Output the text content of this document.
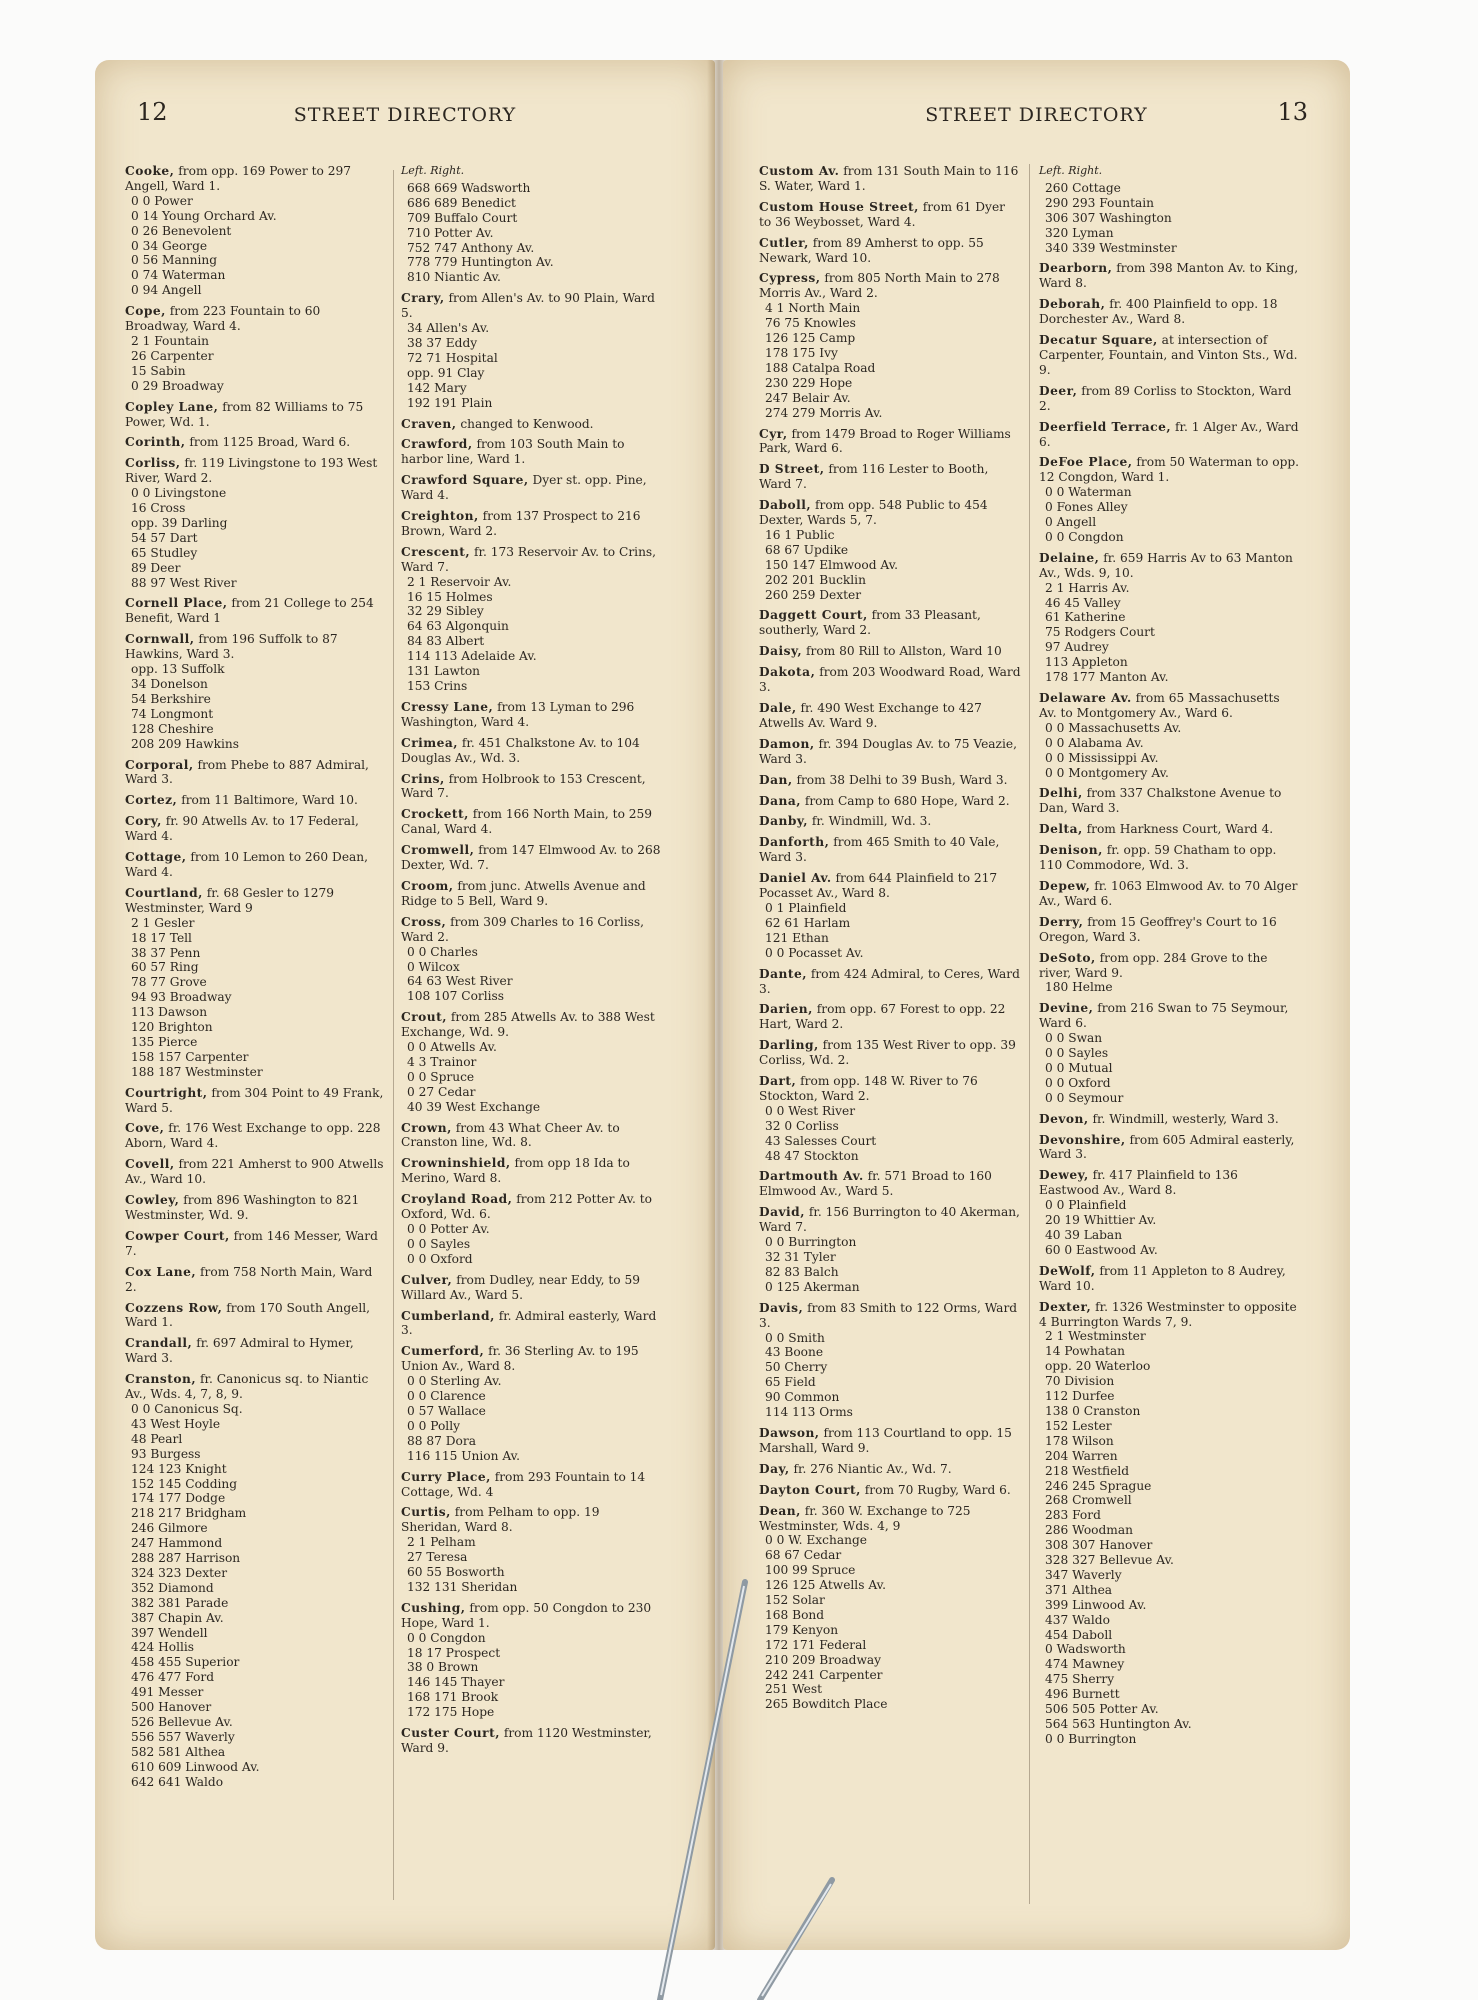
12	STREET DIRECTORY
Cooke, from opp. 169 Power to 297 Angell, Ward 1.
0 0 Power
0 14 Young Orchard Av.
0 26 Benevolent
0 34 George
0 56 Manning
0 74 Waterman
0 94 Angell
Cope, from 223 Fountain to 60 Broadway, Ward 4.
2 1 Fountain
26 Carpenter
15 Sabin
0 29 Broadway
Copley Lane, from 82 Williams to 75 Power, Wd. 1.
Corinth, from 1125 Broad, Ward 6.
Corliss, fr. 119 Livingstone to 193 West River, Ward 2.
0 0 Livingstone
16 Cross
opp. 39 Darling
54 57 Dart
65 Studley
89 Deer
88 97 West River
Cornell Place, from 21 College to 254 Benefit, Ward 1
Cornwall, from 196 Suffolk to 87 Hawkins, Ward 3.
opp. 13 Suffolk
34 Donelson
54 Berkshire
74 Longmont
128 Cheshire
208 209 Hawkins
Corporal, from Phebe to 887 Admiral, Ward 3.
Cortez, from 11 Baltimore, Ward 10.
Cory, fr. 90 Atwells Av. to 17 Federal, Ward 4.
Cottage, from 10 Lemon to 260 Dean, Ward 4.
Courtland, fr. 68 Gesler to 1279 Westminster, Ward 9
2 1 Gesler
18 17 Tell
38 37 Penn
60 57 Ring
78 77 Grove
94 93 Broadway
113 Dawson
120 Brighton
135 Pierce
158 157 Carpenter
188 187 Westminster
Courtright, from 304 Point to 49 Frank, Ward 5.
Cove, fr. 176 West Exchange to opp. 228 Aborn, Ward 4.
Covell, from 221 Amherst to 900 Atwells Av., Ward 10.
Cowley, from 896 Washington to 821 Westminster, Wd. 9.
Cowper Court, from 146 Messer, Ward 7.
Cox Lane, from 758 North Main, Ward 2.
Cozzens Row, from 170 South Angell, Ward 1.
Crandall, fr. 697 Admiral to Hymer, Ward 3.
Cranston, fr. Canonicus sq. to Niantic Av., Wds. 4, 7, 8, 9.
0 0 Canonicus Sq.
43 West Hoyle
48 Pearl
93 Burgess
124 123 Knight
152 145 Codding
174 177 Dodge
218 217 Bridgham
246 Gilmore
247 Hammond
288 287 Harrison
324 323 Dexter
352 Diamond
382 381 Parade
387 Chapin Av.
397 Wendell
424 Hollis
458 455 Superior
476 477 Ford
491 Messer
500 Hanover
526 Bellevue Av.
556 557 Waverly
582 581 Althea
610 609 Linwood Av.
642 641 Waldo
Left. Right.
668 669 Wadsworth
686 689 Benedict
709 Buffalo Court
710 Potter Av.
752 747 Anthony Av.
778 779 Huntington Av.
810 Niantic Av.
Crary, from Allen's Av. to 90 Plain, Ward 5.
34 Allen's Av.
38 37 Eddy
72 71 Hospital
opp. 91 Clay
142 Mary
192 191 Plain
Craven, changed to Kenwood.
Crawford, from 103 South Main to harbor line, Ward 1.
Crawford Square, Dyer st. opp. Pine, Ward 4.
Creighton, from 137 Prospect to 216 Brown, Ward 2.
Crescent, fr. 173 Reservoir Av. to Crins, Ward 7.
2 1 Reservoir Av.
16 15 Holmes
32 29 Sibley
64 63 Algonquin
84 83 Albert
114 113 Adelaide Av.
131 Lawton
153 Crins
Cressy Lane, from 13 Lyman to 296 Washington, Ward 4.
Crimea, fr. 451 Chalkstone Av. to 104 Douglas Av., Wd. 3.
Crins, from Holbrook to 153 Crescent, Ward 7.
Crockett, from 166 North Main, to 259 Canal, Ward 4.
Cromwell, from 147 Elmwood Av. to 268 Dexter, Wd. 7.
Croom, from junc. Atwells Avenue and Ridge to 5 Bell, Ward 9.
Cross, from 309 Charles to 16 Corliss, Ward 2.
0 0 Charles
0 Wilcox
64 63 West River
108 107 Corliss
Crout, from 285 Atwells Av. to 388 West Exchange, Wd. 9.
0 0 Atwells Av.
4 3 Trainor
0 0 Spruce
0 27 Cedar
40 39 West Exchange
Crown, from 43 What Cheer Av. to Cranston line, Wd. 8.
Crowninshield, from opp 18 Ida to Merino, Ward 8.
Croyland Road, from 212 Potter Av. to Oxford, Wd. 6.
0 0 Potter Av.
0 0 Sayles
0 0 Oxford
Culver, from Dudley, near Eddy, to 59 Willard Av., Ward 5.
Cumberland, fr. Admiral easterly, Ward 3.
Cumerford, fr. 36 Sterling Av. to 195 Union Av., Ward 8.
0 0 Sterling Av.
0 0 Clarence
0 57 Wallace
0 0 Polly
88 87 Dora
116 115 Union Av.
Curry Place, from 293 Fountain to 14 Cottage, Wd. 4
Curtis, from Pelham to opp. 19 Sheridan, Ward 8.
2 1 Pelham
27 Teresa
60 55 Bosworth
132 131 Sheridan
Cushing, from opp. 50 Congdon to 230 Hope, Ward 1.
0 0 Congdon
18 17 Prospect
38 0 Brown
146 145 Thayer
168 171 Brook
172 175 Hope
Custer Court, from 1120 Westminster, Ward 9.
STREET DIRECTORY	13
Custom Av. from 131 South Main to 116 S. Water, Ward 1.
Custom House Street, from 61 Dyer to 36 Weybosset, Ward 4.
Cutler, from 89 Amherst to opp. 55 Newark, Ward 10.
Cypress, from 805 North Main to 278 Morris Av., Ward 2.
4 1 North Main
76 75 Knowles
126 125 Camp
178 175 Ivy
188 Catalpa Road
230 229 Hope
247 Belair Av.
274 279 Morris Av.
Cyr, from 1479 Broad to Roger Williams Park, Ward 6.
D Street, from 116 Lester to Booth, Ward 7.
Daboll, from opp. 548 Public to 454 Dexter, Wards 5, 7.
16 1 Public
68 67 Updike
150 147 Elmwood Av.
202 201 Bucklin
260 259 Dexter
Daggett Court, from 33 Pleasant, southerly, Ward 2.
Daisy, from 80 Rill to Allston, Ward 10
Dakota, from 203 Woodward Road, Ward 3.
Dale, fr. 490 West Exchange to 427 Atwells Av. Ward 9.
Damon, fr. 394 Douglas Av. to 75 Veazie, Ward 3.
Dan, from 38 Delhi to 39 Bush, Ward 3.
Dana, from Camp to 680 Hope, Ward 2.
Danby, fr. Windmill, Wd. 3.
Danforth, from 465 Smith to 40 Vale, Ward 3.
Daniel Av. from 644 Plainfield to 217 Pocasset Av., Ward 8.
0 1 Plainfield
62 61 Harlam
121 Ethan
0 0 Pocasset Av.
Dante, from 424 Admiral, to Ceres, Ward 3.
Darien, from opp. 67 Forest to opp. 22 Hart, Ward 2.
Darling, from 135 West River to opp. 39 Corliss, Wd. 2.
Dart, from opp. 148 W. River to 76 Stockton, Ward 2.
0 0 West River
32 0 Corliss
43 Salesses Court
48 47 Stockton
Dartmouth Av. fr. 571 Broad to 160 Elmwood Av., Ward 5.
David, fr. 156 Burrington to 40 Akerman, Ward 7.
0 0 Burrington
32 31 Tyler
82 83 Balch
0 125 Akerman
Davis, from 83 Smith to 122 Orms, Ward 3.
0 0 Smith
43 Boone
50 Cherry
65 Field
90 Common
114 113 Orms
Dawson, from 113 Courtland to opp. 15 Marshall, Ward 9.
Day, fr. 276 Niantic Av., Wd. 7.
Dayton Court, from 70 Rugby, Ward 6.
Dean, fr. 360 W. Exchange to 725 Westminster, Wds. 4, 9
0 0 W. Exchange
68 67 Cedar
100 99 Spruce
126 125 Atwells Av.
152 Solar
168 Bond
179 Kenyon
172 171 Federal
210 209 Broadway
242 241 Carpenter
251 West
265 Bowditch Place
Left. Right.
260 Cottage
290 293 Fountain
306 307 Washington
320 Lyman
340 339 Westminster
Dearborn, from 398 Manton Av. to King, Ward 8.
Deborah, fr. 400 Plainfield to opp. 18 Dorchester Av., Ward 8.
Decatur Square, at intersection of Carpenter, Fountain, and Vinton Sts., Wd. 9.
Deer, from 89 Corliss to Stockton, Ward 2.
Deerfield Terrace, fr. 1 Alger Av., Ward 6.
DeFoe Place, from 50 Waterman to opp. 12 Congdon, Ward 1.
0 0 Waterman
0 Fones Alley
0 Angell
0 0 Congdon
Delaine, fr. 659 Harris Av to 63 Manton Av., Wds. 9, 10.
2 1 Harris Av.
46 45 Valley
61 Katherine
75 Rodgers Court
97 Audrey
113 Appleton
178 177 Manton Av.
Delaware Av. from 65 Massachusetts Av. to Montgomery Av., Ward 6.
0 0 Massachusetts Av.
0 0 Alabama Av.
0 0 Mississippi Av.
0 0 Montgomery Av.
Delhi, from 337 Chalkstone Avenue to Dan, Ward 3.
Delta, from Harkness Court, Ward 4.
Denison, fr. opp. 59 Chatham to opp. 110 Commodore, Wd. 3.
Depew, fr. 1063 Elmwood Av. to 70 Alger Av., Ward 6.
Derry, from 15 Geoffrey's Court to 16 Oregon, Ward 3.
DeSoto, from opp. 284 Grove to the river, Ward 9.
180 Helme
Devine, from 216 Swan to 75 Seymour, Ward 6.
0 0 Swan
0 0 Sayles
0 0 Mutual
0 0 Oxford
0 0 Seymour
Devon, fr. Windmill, westerly, Ward 3.
Devonshire, from 605 Admiral easterly, Ward 3.
Dewey, fr. 417 Plainfield to 136 Eastwood Av., Ward 8.
0 0 Plainfield
20 19 Whittier Av.
40 39 Laban
60 0 Eastwood Av.
DeWolf, from 11 Appleton to 8 Audrey, Ward 10.
Dexter, fr. 1326 Westminster to opposite 4 Burrington Wards 7, 9.
2 1 Westminster
14 Powhatan
opp. 20 Waterloo
70 Division
112 Durfee
138 0 Cranston
152 Lester
178 Wilson
204 Warren
218 Westfield
246 245 Sprague
268 Cromwell
283 Ford
286 Woodman
308 307 Hanover
328 327 Bellevue Av.
347 Waverly
371 Althea
399 Linwood Av.
437 Waldo
454 Daboll
0 Wadsworth
474 Mawney
475 Sherry
496 Burnett
506 505 Potter Av.
564 563 Huntington Av.
0 0 Burrington
